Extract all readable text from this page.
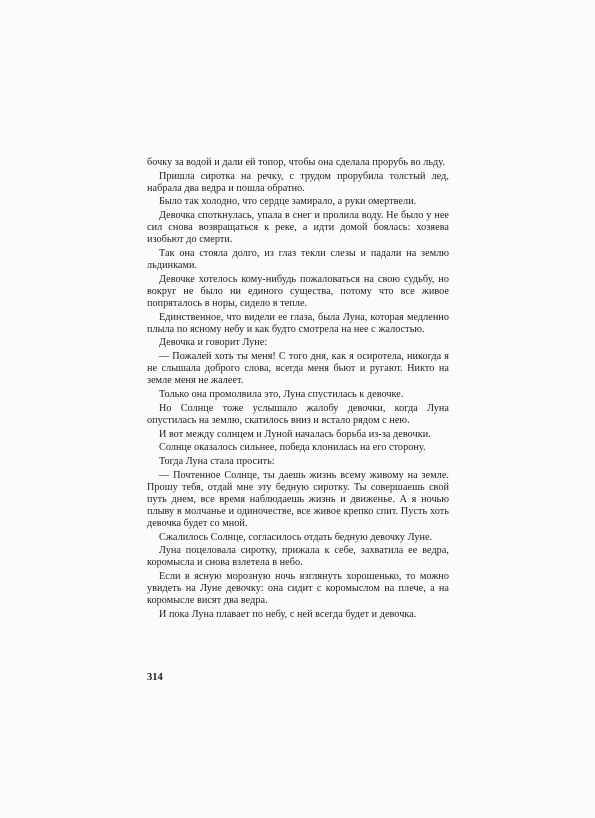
бочку за водой и дали ей топор, чтобы она сделала прорубь во льду.

Пришла сиротка на речку, с трудом прорубила толстый лед, набрала два ведра и пошла обратно.

Было так холодно, что сердце замирало, а руки омертвели.

Девочка споткнулась, упала в снег и пролила воду. Не было у нее сил снова возвращаться к реке, а идти домой боялась: хозяева изобьют до смерти.

Так она стояла долго, из глаз текли слезы и падали на землю льдинками.

Девочке хотелось кому-нибудь пожаловаться на свою судьбу, но вокруг не было ни единого существа, потому что все живое попряталось в норы, сидело в тепле.

Единственное, что видели ее глаза, была Луна, которая медленно плыла по ясному небу и как будто смотрела на нее с жалостью.

Девочка и говорит Луне:

— Пожалей хоть ты меня! С того дня, как я осиротела, никогда я не слышала доброго слова, всегда меня бьют и ругают. Никто на земле меня не жалеет.

Только она промолвила это, Луна спустилась к девочке.

Но Солнце тоже услышало жалобу девочки, когда Луна опустилась на землю, скатилось вниз и встало рядом с нею.

И вот между солнцем и Луной началась борьба из-за девочки.

Солнце оказалось сильнее, победа клонилась на его сторону.

Тогда Луна стала просить:

— Почтенное Солнце, ты даешь жизнь всему живому на земле. Прошу тебя, отдай мне эту бедную сиротку. Ты совершаешь свой путь днем, все время наблюдаешь жизнь и движенье. А я ночью плыву в молчанье и одиночестве, все живое крепко спит. Пусть хоть девочка будет со мной.

Сжалилось Солнце, согласилось отдать бедную девочку Луне.

Луна поцеловала сиротку, прижала к себе, захватила ее ведра, коромысла и снова взлетела в небо.

Если в ясную морозную ночь взглянуть хорошенько, то можно увидеть на Луне девочку: она сидит с коромыслом на плече, а на коромысле висят два ведра.

И пока Луна плавает по небу, с ней всегда будет и девочка.

314
